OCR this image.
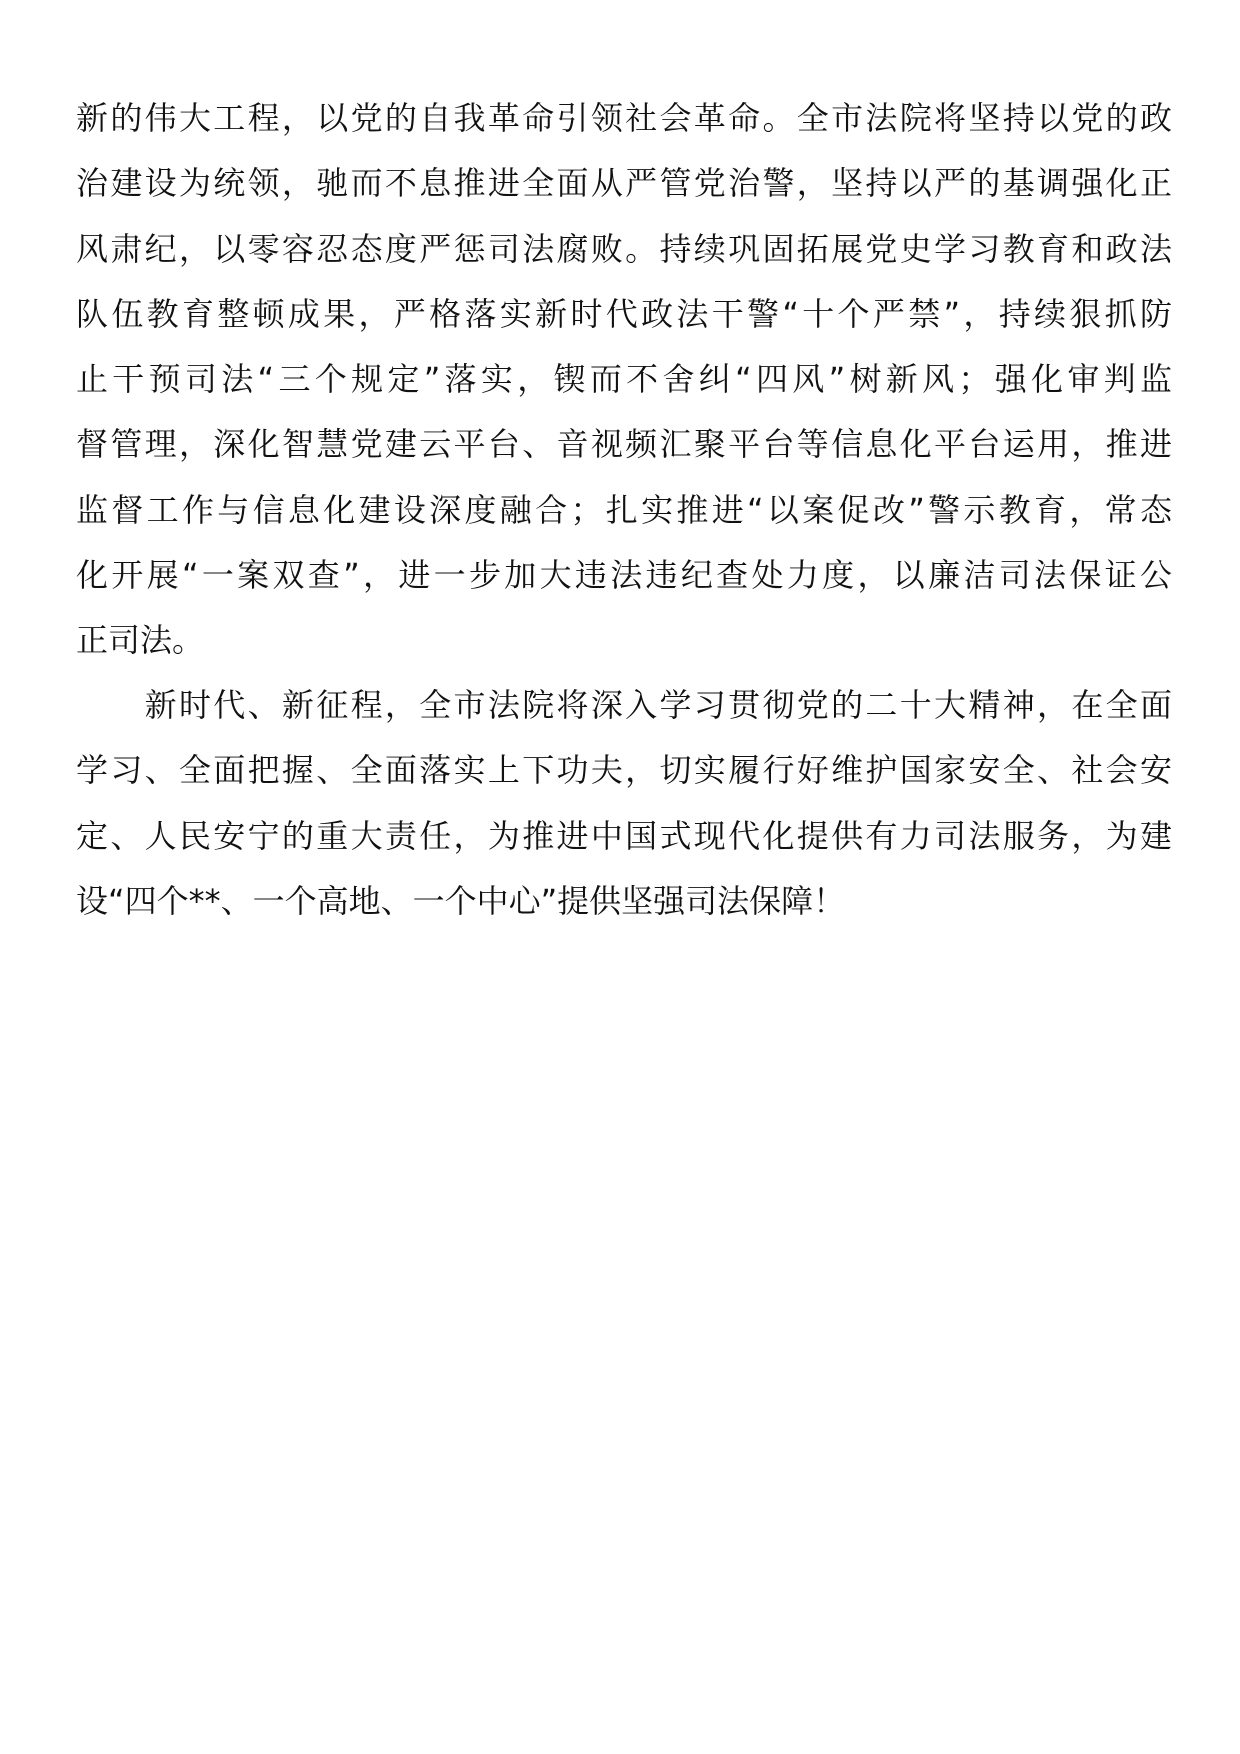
新的伟大工程，以党的自我革命引领社会革命。全市法院将坚持以党的政
治建设为统领，驰而不息推进全面从严管党治警，坚持以严的基调强化正
风肃纪，以零容忍态度严惩司法腐败。持续巩固拓展党史学习教育和政法
队伍教育整顿成果，严格落实新时代政法干警“十个严禁”，持续狠抓防
止干预司法“三个规定”落实，锲而不舍纠“四风”树新风；强化审判监
督管理，深化智慧党建云平台、音视频汇聚平台等信息化平台运用，推进
监督工作与信息化建设深度融合；扎实推进“以案促改”警示教育，常态
化开展“一案双查”，进一步加大违法违纪查处力度，以廉洁司法保证公
正司法。
　　新时代、新征程，全市法院将深入学习贯彻党的二十大精神，在全面
学习、全面把握、全面落实上下功夫，切实履行好维护国家安全、社会安
定、人民安宁的重大责任，为推进中国式现代化提供有力司法服务，为建
设“四个**、一个高地、一个中心”提供坚强司法保障！
